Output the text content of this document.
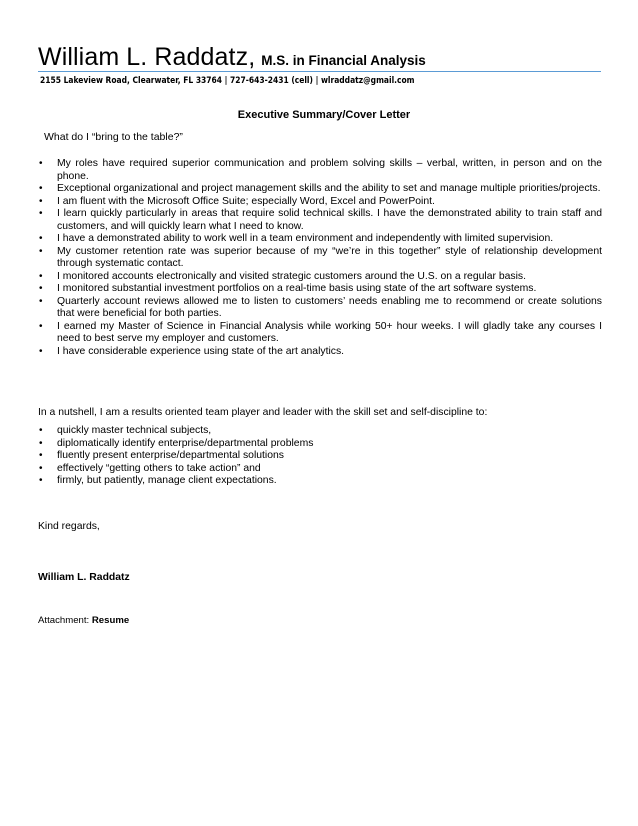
William L. Raddatz, M.S. in Financial Analysis
2155 Lakeview Road, Clearwater, FL 33764 | 727-643-2431 (cell) | wlraddatz@gmail.com
Executive Summary/Cover Letter
What do I “bring to the table?”
• My roles have required superior communication and problem solving skills – verbal, written, in person and on the phone.
• Exceptional organizational and project management skills and the ability to set and manage multiple priorities/projects.
• I am fluent with the Microsoft Office Suite; especially Word, Excel and PowerPoint.
• I learn quickly particularly in areas that require solid technical skills. I have the demonstrated ability to train staff and customers, and will quickly learn what I need to know.
• I have a demonstrated ability to work well in a team environment and independently with limited supervision.
• My customer retention rate was superior because of my “we’re in this together” style of relationship development through systematic contact.
• I monitored accounts electronically and visited strategic customers around the U.S. on a regular basis.
• I monitored substantial investment portfolios on a real-time basis using state of the art software systems.
• Quarterly account reviews allowed me to listen to customers’ needs enabling me to recommend or create solutions that were beneficial for both parties.
• I earned my Master of Science in Financial Analysis while working 50+ hour weeks. I will gladly take any courses I need to best serve my employer and customers.
• I have considerable experience using state of the art analytics.
In a nutshell, I am a results oriented team player and leader with the skill set and self-discipline to:
• quickly master technical subjects,
• diplomatically identify enterprise/departmental problems
• fluently present enterprise/departmental solutions
• effectively “getting others to take action” and
• firmly, but patiently, manage client expectations.
Kind regards,
William L. Raddatz
Attachment: Resume
